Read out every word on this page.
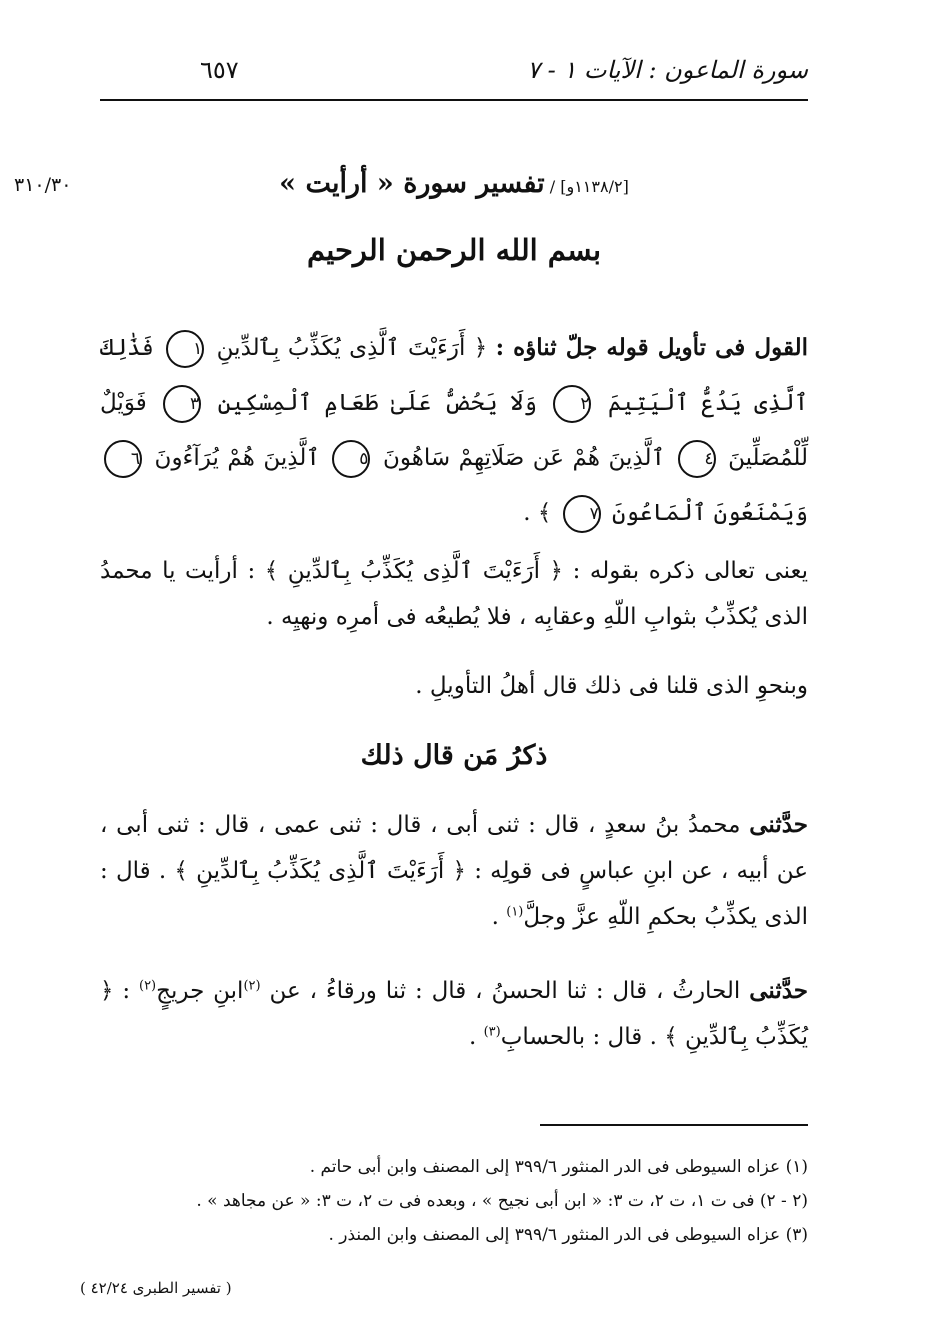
٦٥٧	سورة الماعون : الآيات ١ - ٧
٣١٠/٣٠	[١١٣٨/٢و] / تفسير سورة « أرأيت »
بسم الله الرحمن الرحيم
القول فى تأويل قوله جلّ ثناؤه : ﴿ أَرَءَيْتَ ٱلَّذِى يُكَذِّبُ بِٱلدِّينِ ١ فَذَٰلِكَ ٱلَّذِى يَدُعُّ ٱلْيَتِيمَ ٢ وَلَا يَحُضُّ عَلَىٰ طَعَامِ ٱلْمِسْكِينِ ٣ فَوَيْلٌ لِّلْمُصَلِّينَ ٤ ٱلَّذِينَ هُمْ عَن صَلَاتِهِمْ سَاهُونَ ٥ ٱلَّذِينَ هُمْ يُرَآءُونَ ٦ وَيَمْنَعُونَ ٱلْمَاعُونَ ٧ ﴾ .
يعنى تعالى ذكره بقوله : ﴿ أَرَءَيْتَ ٱلَّذِى يُكَذِّبُ بِٱلدِّينِ ﴾ : أرأيت يا محمدُ الذى يُكذِّبُ بثوابِ اللّهِ وعقابِه ، فلا يُطيعُه فى أمرِه ونهيِه .
وبنحوِ الذى قلنا فى ذلك قال أهلُ التأويلِ .
ذكرُ مَن قال ذلك
حدَّثنى محمدُ بنُ سعدٍ ، قال : ثنى أبى ، قال : ثنى عمى ، قال : ثنى أبى ، عن أبيه ، عن ابنِ عباسٍ فى قولِه : ﴿ أَرَءَيْتَ ٱلَّذِى يُكَذِّبُ بِٱلدِّينِ ﴾ . قال : الذى يكذِّبُ بحكمِ اللّهِ عزَّ وجلَّ$^{(١)}$ .
حدَّثنى الحارثُ ، قال : ثنا الحسنُ ، قال : ثنا ورقاءُ ، عن $^{(٢)}$ابنِ جريجٍ$^{(٢)}$ : ﴿ يُكَذِّبُ بِٱلدِّينِ ﴾ . قال : بالحسابِ$^{(٣)}$ .
(١) عزاه السيوطى فى الدر المنثور ٣٩٩/٦ إلى المصنف وابن أبى حاتم .
(٢ - ٢) فى ت ١، ت ٢، ت ٣: « ابن أبى نجيح » ، وبعده فى ت ٢، ت ٣: « عن مجاهد » .
(٣) عزاه السيوطى فى الدر المنثور ٣٩٩/٦ إلى المصنف وابن المنذر .
( تفسير الطبرى ٤٢/٢٤ )
